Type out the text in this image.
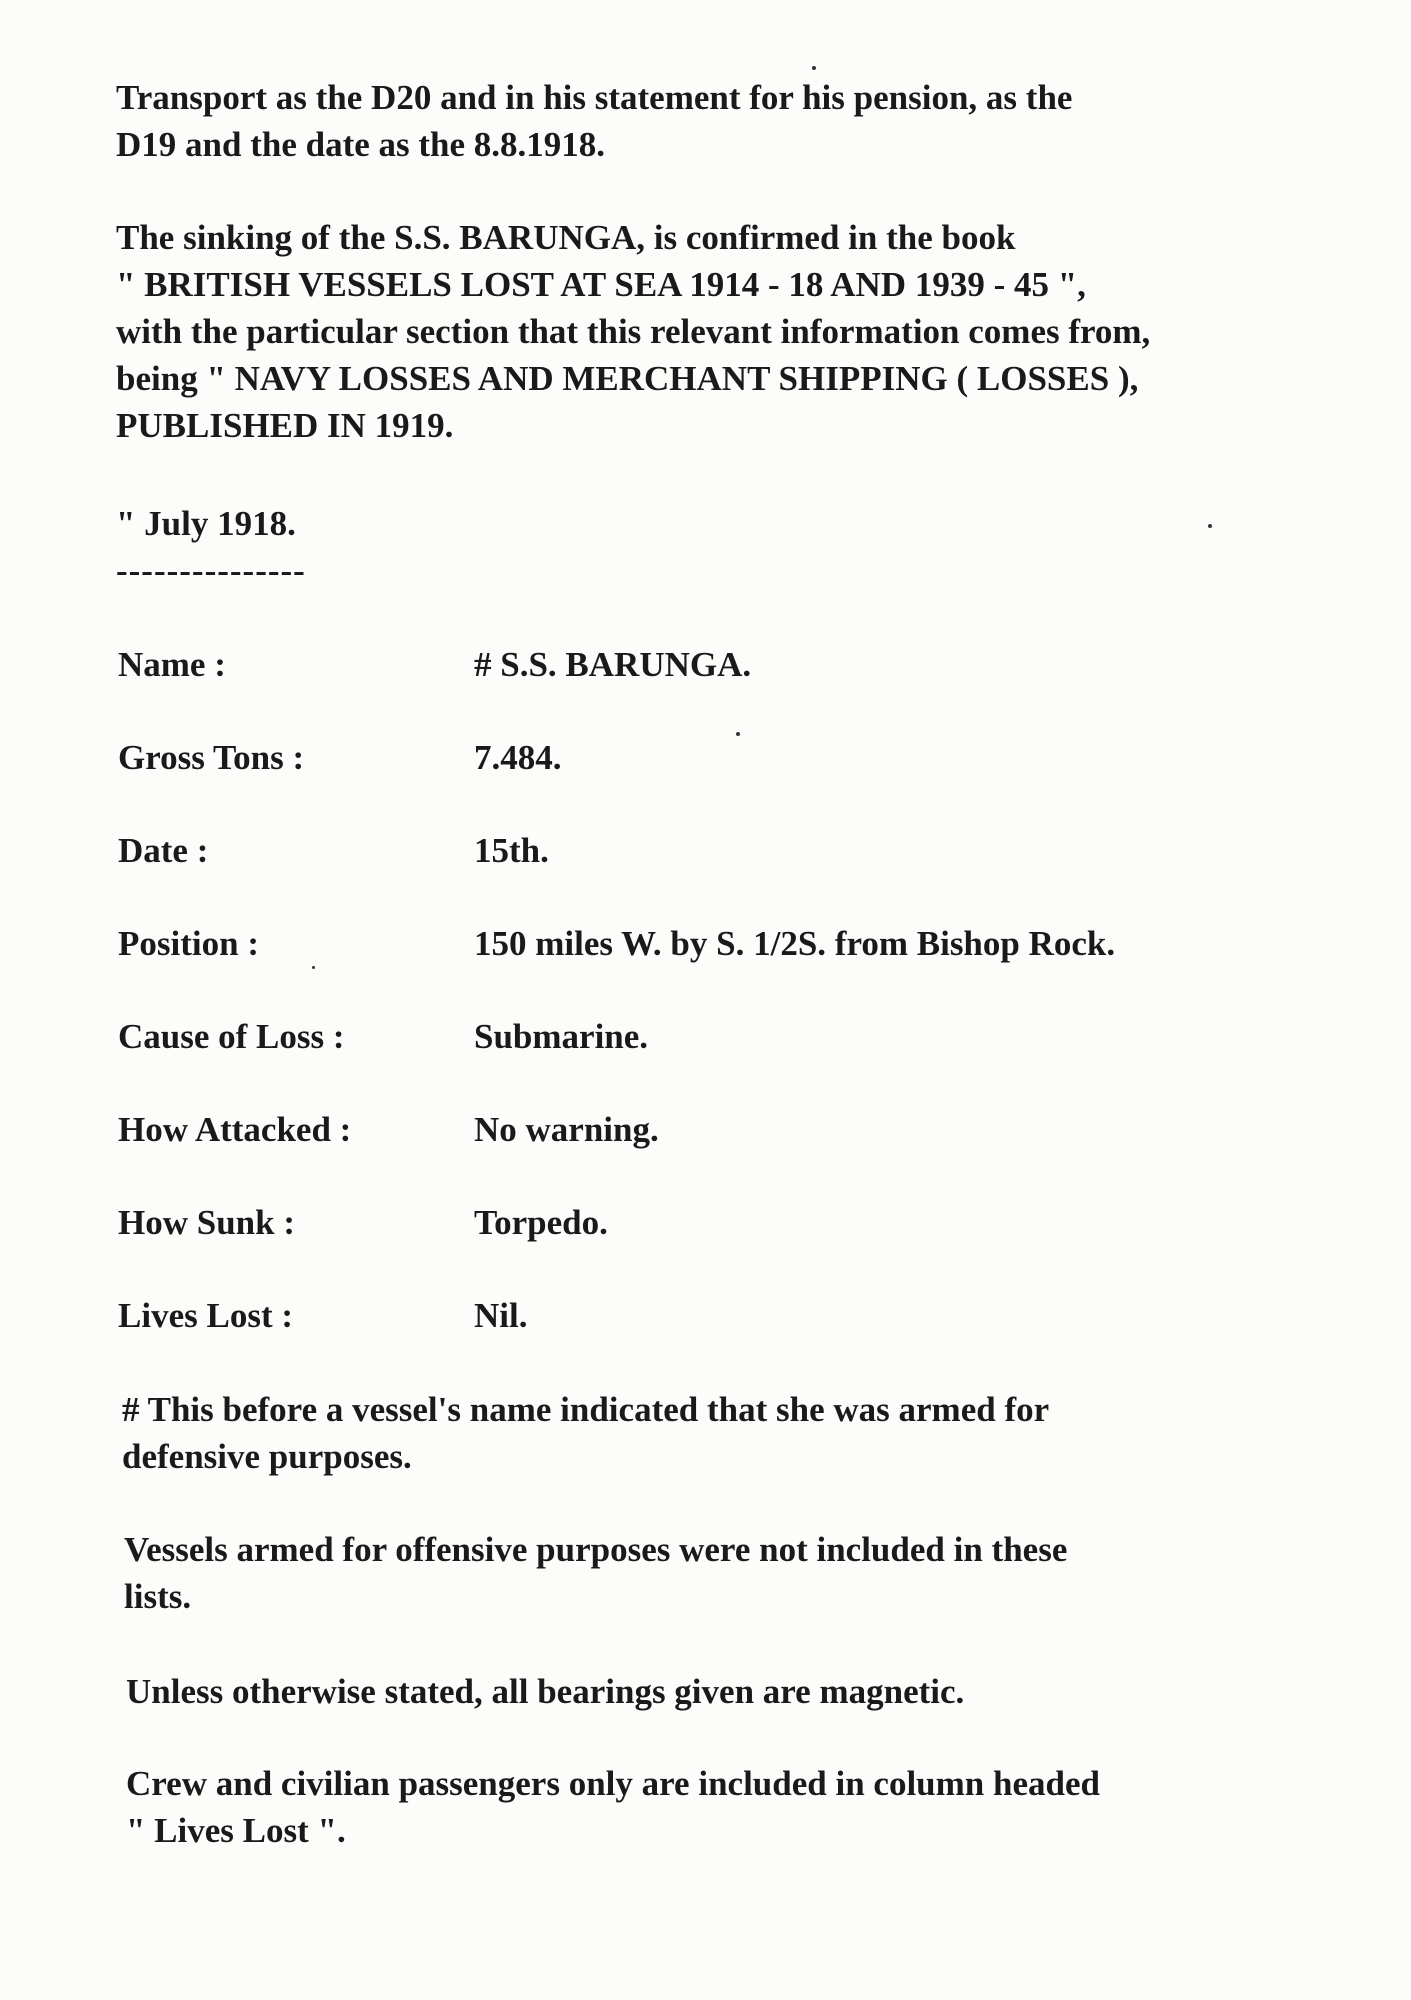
Transport as the D20 and in his statement for his pension, as the
D19 and the date as the 8.8.1918.

The sinking of the S.S. BARUNGA, is confirmed in the book
" BRITISH VESSELS LOST AT SEA 1914 - 18 AND 1939 - 45 ",
with the particular section that this relevant information comes from,
being " NAVY LOSSES AND MERCHANT SHIPPING ( LOSSES ),
PUBLISHED IN 1919.

" July 1918.

---------------

Name :	# S.S. BARUNGA.
Gross Tons :	7.484.
Date :	15th.
Position :	150 miles W. by S. 1/2S. from Bishop Rock.
Cause of Loss :	Submarine.
How Attacked :	No warning.
How Sunk :	Torpedo.
Lives Lost :	Nil.

# This before a vessel's name indicated that she was armed for
defensive purposes.

Vessels armed for offensive purposes were not included in these
lists.

Unless otherwise stated, all bearings given are magnetic.

Crew and civilian passengers only are included in column headed
" Lives Lost ".
